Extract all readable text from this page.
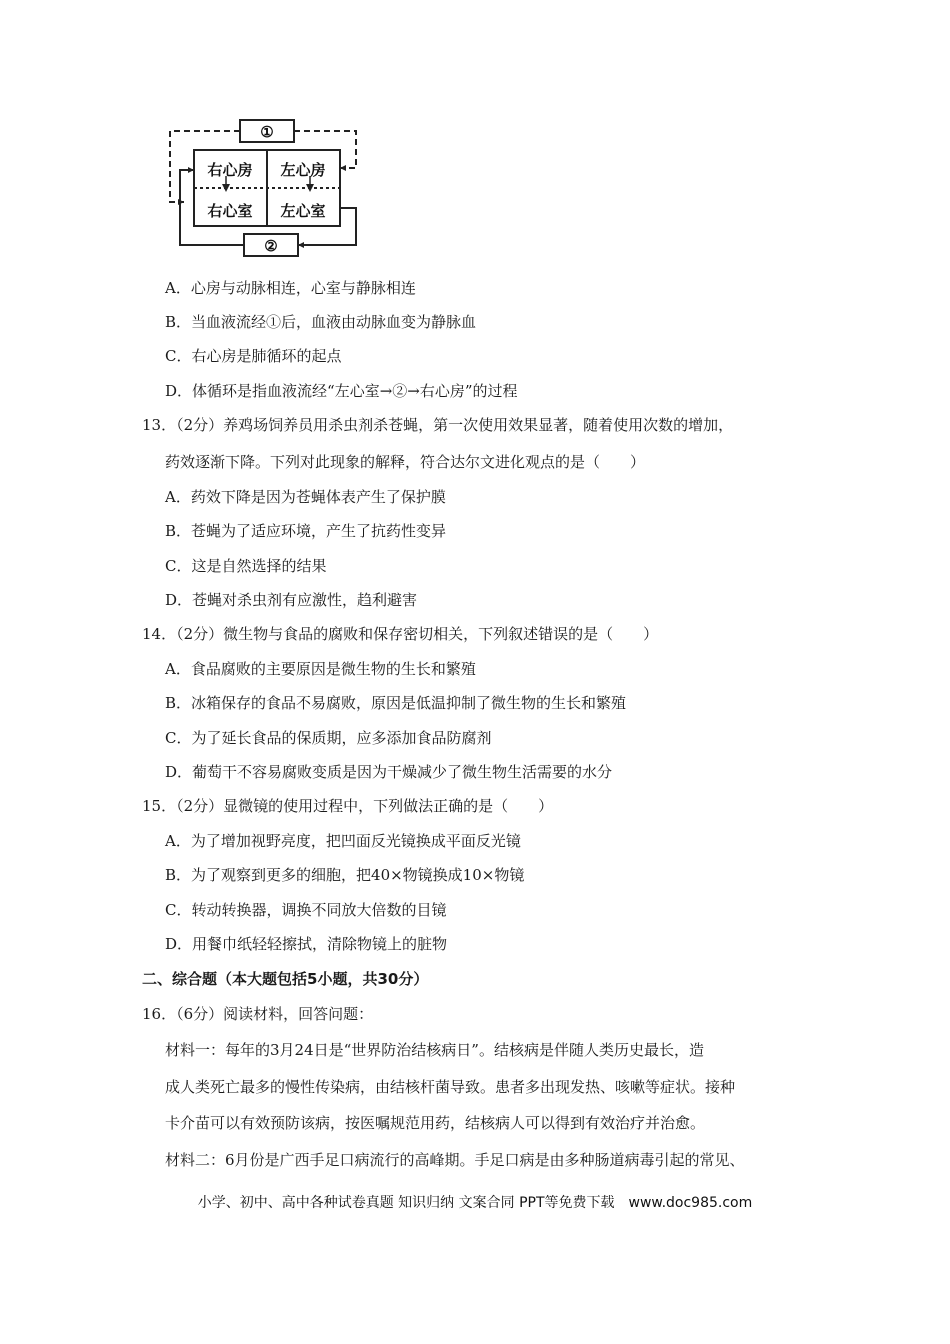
①
②
右心房 左心房
右心室 左心室
A．心房与动脉相连，心室与静脉相连
B．当血液流经①后，血液由动脉血变为静脉血
C．右心房是肺循环的起点
D．体循环是指血液流经“左心室→②→右心房”的过程
13．（2分）养鸡场饲养员用杀虫剂杀苍蝇，第一次使用效果显著，随着使用次数的增加，
药效逐渐下降。下列对此现象的解释，符合达尔文进化观点的是（　　）
A．药效下降是因为苍蝇体表产生了保护膜
B．苍蝇为了适应环境，产生了抗药性变异
C．这是自然选择的结果
D．苍蝇对杀虫剂有应激性，趋利避害
14．（2分）微生物与食品的腐败和保存密切相关，下列叙述错误的是（　　）
A．食品腐败的主要原因是微生物的生长和繁殖
B．冰箱保存的食品不易腐败，原因是低温抑制了微生物的生长和繁殖
C．为了延长食品的保质期，应多添加食品防腐剂
D．葡萄干不容易腐败变质是因为干燥减少了微生物生活需要的水分
15．（2分）显微镜的使用过程中，下列做法正确的是（　　）
A．为了增加视野亮度，把凹面反光镜换成平面反光镜
B．为了观察到更多的细胞，把40×物镜换成10×物镜
C．转动转换器，调换不同放大倍数的目镜
D．用餐巾纸轻轻擦拭，清除物镜上的脏物
二、综合题（本大题包括5小题，共30分）
16．（6分）阅读材料，回答问题：
材料一：每年的3月24日是“世界防治结核病日”。结核病是伴随人类历史最长，造
成人类死亡最多的慢性传染病，由结核杆菌导致。患者多出现发热、咳嗽等症状。接种
卡介苗可以有效预防该病，按医嘱规范用药，结核病人可以得到有效治疗并治愈。
材料二：6月份是广西手足口病流行的高峰期。手足口病是由多种肠道病毒引起的常见、
小学、初中、高中各种试卷真题 知识归纳 文案合同 PPT等免费下载　www.doc985.com
